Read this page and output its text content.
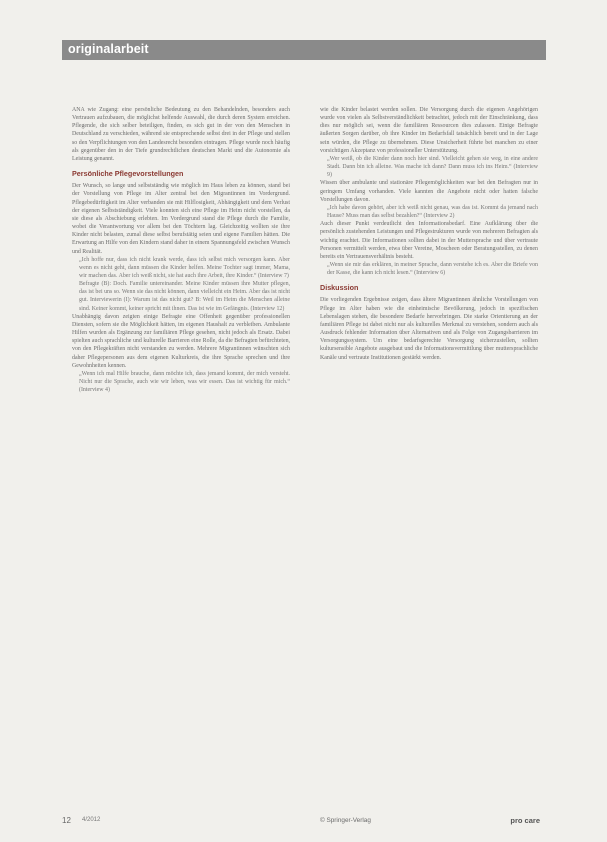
originalarbeit

ANA wie Zugang: eine persönliche Bedeutung zu den Behandelnden, besonders auch Vertrauen aufzubauen, die möglichst helfende Auswahl, die durch deren System erreichen. Pflegende, die sich selber beteiligen, finden, es sich gut in der von den Menschen in Deutschland zu verschieden, während sie entsprechende selbst drei in der Pflege und stellen so den Verpflichtungen von den Landesrecht besonders eintragen. Pflege wurde noch häufig als gegenüber den in der Tiefe grundrechtlichen deutschen Markt und die Autonomie als Leistung genannt.

Persönliche Pflegevorstellungen

Der Wunsch, so lange und selbstständig wie möglich im Haus leben zu können, stand bei der Vorstellung von Pflege im Alter zentral bei den Migrantinnen im Vordergrund. Pflegebedürftigkeit im Alter verbanden sie mit Hilflosigkeit, Abhängigkeit und dem Verlust der eigenen Selbstständigkeit. Viele konnten sich eine Pflege im Heim nicht vorstellen, da sie diese als Abschiebung erlebten. Im Vordergrund stand die Pflege durch die Familie, wobei die Verantwortung vor allem bei den Töchtern lag. Gleichzeitig wollten sie ihre Kinder nicht belasten, zumal diese selbst berufstätig seien und eigene Familien hätten. Die Erwartung an Hilfe von den Kindern stand daher in einem Spannungsfeld zwischen Wunsch und Realität.

„Ich hoffe nur, dass ich nicht krank werde, dass ich selbst mich versorgen kann. Aber wenn es nicht geht, dann müssen die Kinder helfen. Meine Tochter sagt immer, Mama, wir machen das. Aber ich weiß nicht, sie hat auch ihre Arbeit, ihre Kinder.“ (Interview 7)

Befragte (B): Doch. Familie untereinander. Meine Kinder müssen ihre Mutter pflegen, das ist bei uns so. Wenn sie das nicht können, dann vielleicht ein Heim. Aber das ist nicht gut. Interviewerin (I): Warum ist das nicht gut? B: Weil im Heim die Menschen alleine sind. Keiner kommt, keiner spricht mit ihnen. Das ist wie im Gefängnis. (Interview 12)

Unabhängig davon zeigten einige Befragte eine Offenheit gegenüber professionellen Diensten, sofern sie die Möglichkeit hätten, im eigenen Haushalt zu verbleiben. Ambulante Hilfen wurden als Ergänzung zur familiären Pflege gesehen, nicht jedoch als Ersatz. Dabei spielten auch sprachliche und kulturelle Barrieren eine Rolle, da die Befragten befürchteten, von den Pflegekräften nicht verstanden zu werden. Mehrere Migrantinnen wünschten sich daher Pflegepersonen aus dem eigenen Kulturkreis, die ihre Sprache sprechen und ihre Gewohnheiten kennen.

„Wenn ich mal Hilfe brauche, dann möchte ich, dass jemand kommt, der mich versteht. Nicht nur die Sprache, auch wie wir leben, was wir essen. Das ist wichtig für mich.“ (Interview 4)

wie die Kinder belastet werden sollen. Die Versorgung durch die eigenen Angehörigen wurde von vielen als Selbstverständlichkeit betrachtet, jedoch mit der Einschränkung, dass dies nur möglich sei, wenn die familiären Ressourcen dies zulassen. Einige Befragte äußerten Sorgen darüber, ob ihre Kinder im Bedarfsfall tatsächlich bereit und in der Lage sein würden, die Pflege zu übernehmen. Diese Unsicherheit führte bei manchen zu einer vorsichtigen Akzeptanz von professioneller Unterstützung.

„Wer weiß, ob die Kinder dann noch hier sind. Vielleicht gehen sie weg, in eine andere Stadt. Dann bin ich alleine. Was mache ich dann? Dann muss ich ins Heim.“ (Interview 9)

Wissen über ambulante und stationäre Pflegemöglichkeiten war bei den Befragten nur in geringem Umfang vorhanden. Viele kannten die Angebote nicht oder hatten falsche Vorstellungen davon.

„Ich habe davon gehört, aber ich weiß nicht genau, was das ist. Kommt da jemand nach Hause? Muss man das selbst bezahlen?“ (Interview 2)

Auch dieser Punkt verdeutlicht den Informationsbedarf. Eine Aufklärung über die persönlich zustehenden Leistungen und Pflegestrukturen wurde von mehreren Befragten als wichtig erachtet. Die Informationen sollten dabei in der Muttersprache und über vertraute Personen vermittelt werden, etwa über Vereine, Moscheen oder Beratungsstellen, zu denen bereits ein Vertrauensverhältnis besteht.

„Wenn sie mir das erklären, in meiner Sprache, dann verstehe ich es. Aber die Briefe von der Kasse, die kann ich nicht lesen.“ (Interview 6)

Diskussion

Die vorliegenden Ergebnisse zeigen, dass ältere Migrantinnen ähnliche Vorstellungen von Pflege im Alter haben wie die einheimische Bevölkerung, jedoch in spezifischen Lebenslagen stehen, die besondere Bedarfe hervorbringen. Die starke Orientierung an der familiären Pflege ist dabei nicht nur als kulturelles Merkmal zu verstehen, sondern auch als Ausdruck fehlender Information über Alternativen und als Folge von Zugangsbarrieren im Versorgungssystem. Um eine bedarfsgerechte Versorgung sicherzustellen, sollten kultursensible Angebote ausgebaut und die Informationsvermittlung über muttersprachliche Kanäle und vertraute Institutionen gestärkt werden.

12 4/2012	© Springer-Verlag	pro care
